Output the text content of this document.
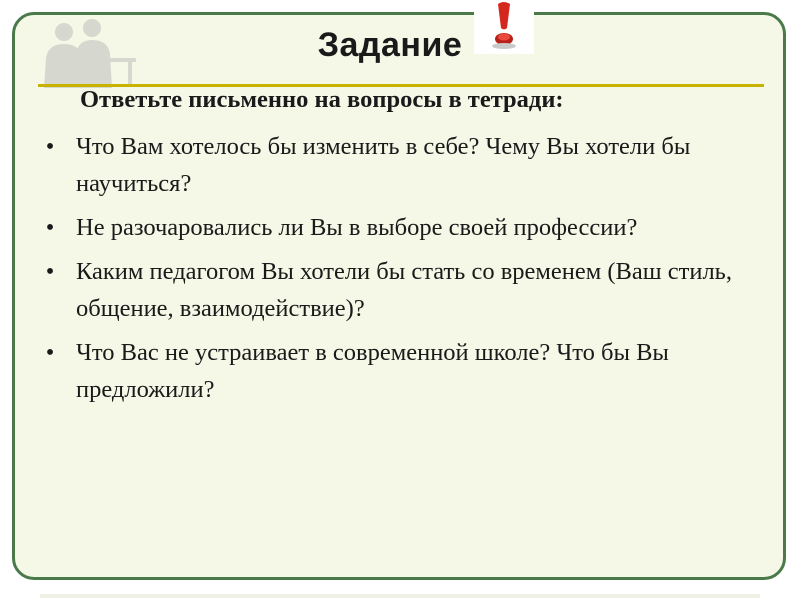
Задание
Ответьте письменно на вопросы в тетради:
• Что Вам хотелось бы изменить в себе? Чему Вы хотели бы научиться?
• Не разочаровались ли Вы в выборе своей профессии?
• Каким педагогом Вы хотели бы стать со временем (Ваш стиль, общение, взаимодействие)?
• Что Вас не устраивает в современной школе? Что бы Вы предложили?
